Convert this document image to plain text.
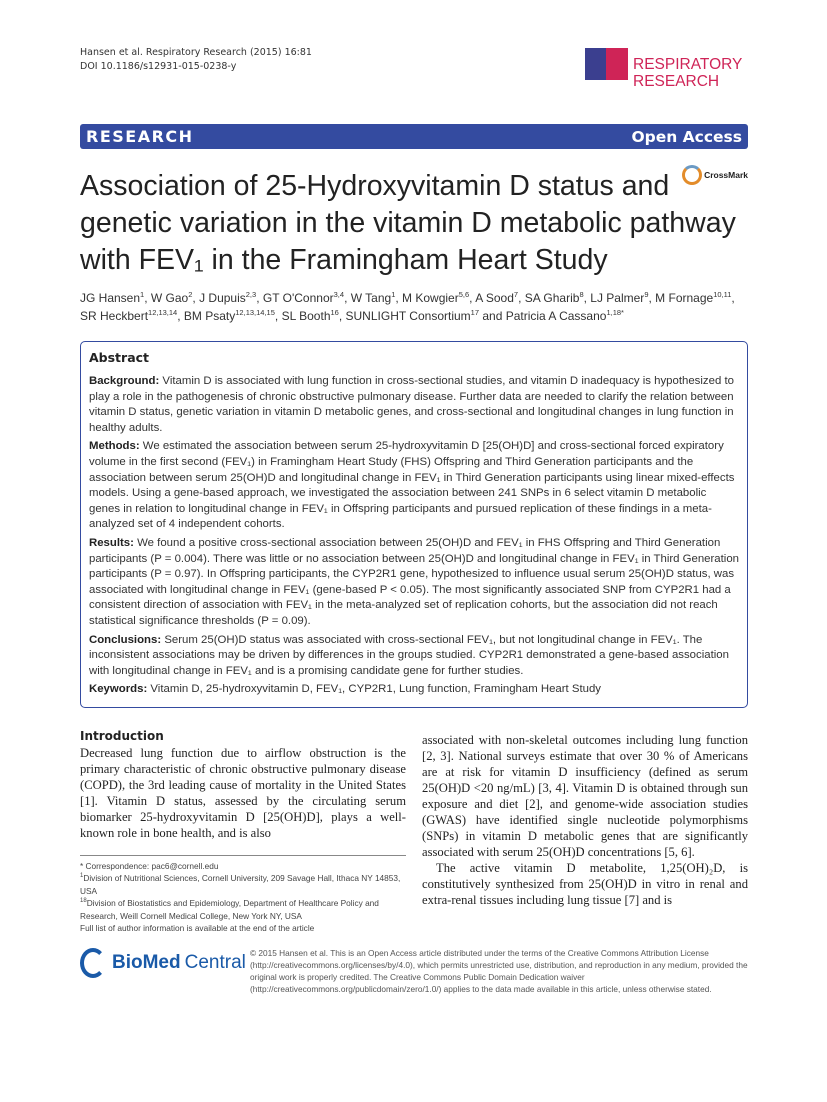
Hansen et al. Respiratory Research (2015) 16:81
DOI 10.1186/s12931-015-0238-y	RESPIRATORY
RESEARCH
RESEARCH	Open Access
CrossMark
Association of 25-Hydroxyvitamin D status and genetic variation in the vitamin D metabolic pathway with FEV₁ in the Framingham Heart Study
JG Hansen$^1$, W Gao$^2$, J Dupuis$^{2,3}$, GT O'Connor$^{3,4}$, W Tang$^1$, M Kowgier$^{5,6}$, A Sood$^7$, SA Gharib$^8$, LJ Palmer$^9$, M Fornage$^{10,11}$, SR Heckbert$^{12,13,14}$, BM Psaty$^{12,13,14,15}$, SL Booth$^{16}$, SUNLIGHT Consortium$^{17}$ and Patricia A Cassano$^{1,18*}$
Abstract

Background: Vitamin D is associated with lung function in cross-sectional studies, and vitamin D inadequacy is hypothesized to play a role in the pathogenesis of chronic obstructive pulmonary disease. Further data are needed to clarify the relation between vitamin D status, genetic variation in vitamin D metabolic genes, and cross-sectional and longitudinal changes in lung function in healthy adults.

Methods: We estimated the association between serum 25-hydroxyvitamin D [25(OH)D] and cross-sectional forced expiratory volume in the first second (FEV₁) in Framingham Heart Study (FHS) Offspring and Third Generation participants and the association between serum 25(OH)D and longitudinal change in FEV₁ in Third Generation participants using linear mixed-effects models. Using a gene-based approach, we investigated the association between 241 SNPs in 6 select vitamin D metabolic genes in relation to longitudinal change in FEV₁ in Offspring participants and pursued replication of these findings in a meta-analyzed set of 4 independent cohorts.

Results: We found a positive cross-sectional association between 25(OH)D and FEV₁ in FHS Offspring and Third Generation participants (P = 0.004). There was little or no association between 25(OH)D and longitudinal change in FEV₁ in Third Generation participants (P = 0.97). In Offspring participants, the CYP2R1 gene, hypothesized to influence usual serum 25(OH)D status, was associated with longitudinal change in FEV₁ (gene-based P < 0.05). The most significantly associated SNP from CYP2R1 had a consistent direction of association with FEV₁ in the meta-analyzed set of replication cohorts, but the association did not reach statistical significance thresholds (P = 0.09).

Conclusions: Serum 25(OH)D status was associated with cross-sectional FEV₁, but not longitudinal change in FEV₁. The inconsistent associations may be driven by differences in the groups studied. CYP2R1 demonstrated a gene-based association with longitudinal change in FEV₁ and is a promising candidate gene for further studies.

Keywords: Vitamin D, 25-hydroxyvitamin D, FEV₁, CYP2R1, Lung function, Framingham Heart Study

Introduction

Decreased lung function due to airflow obstruction is the primary characteristic of chronic obstructive pulmonary disease (COPD), the 3rd leading cause of mortality in the United States [1]. Vitamin D status, assessed by the circulating serum biomarker 25-hydroxyvitamin D [25(OH)D], plays a well-known role in bone health, and is also

* Correspondence: pac6@cornell.edu
$^1$Division of Nutritional Sciences, Cornell University, 209 Savage Hall, Ithaca NY 14853, USA
$^{18}$Division of Biostatistics and Epidemiology, Department of Healthcare Policy and Research, Weill Cornell Medical College, New York NY, USA
Full list of author information is available at the end of the article

associated with non-skeletal outcomes including lung function [2, 3]. National surveys estimate that over 30 % of Americans are at risk for vitamin D insufficiency (defined as serum 25(OH)D <20 ng/mL) [3, 4]. Vitamin D is obtained through sun exposure and diet [2], and genome-wide association studies (GWAS) have identified single nucleotide polymorphisms (SNPs) in vitamin D metabolic genes that are significantly associated with serum 25(OH)D concentrations [5, 6].

The active vitamin D metabolite, 1,25(OH)₂D, is constitutively synthesized from 25(OH)D in vitro in renal and extra-renal tissues including lung tissue [7] and is

BioMed Central © 2015 Hansen et al. This is an Open Access article distributed under the terms of the Creative Commons Attribution License (http://creativecommons.org/licenses/by/4.0), which permits unrestricted use, distribution, and reproduction in any medium, provided the original work is properly credited. The Creative Commons Public Domain Dedication waiver (http://creativecommons.org/publicdomain/zero/1.0/) applies to the data made available in this article, unless otherwise stated.
